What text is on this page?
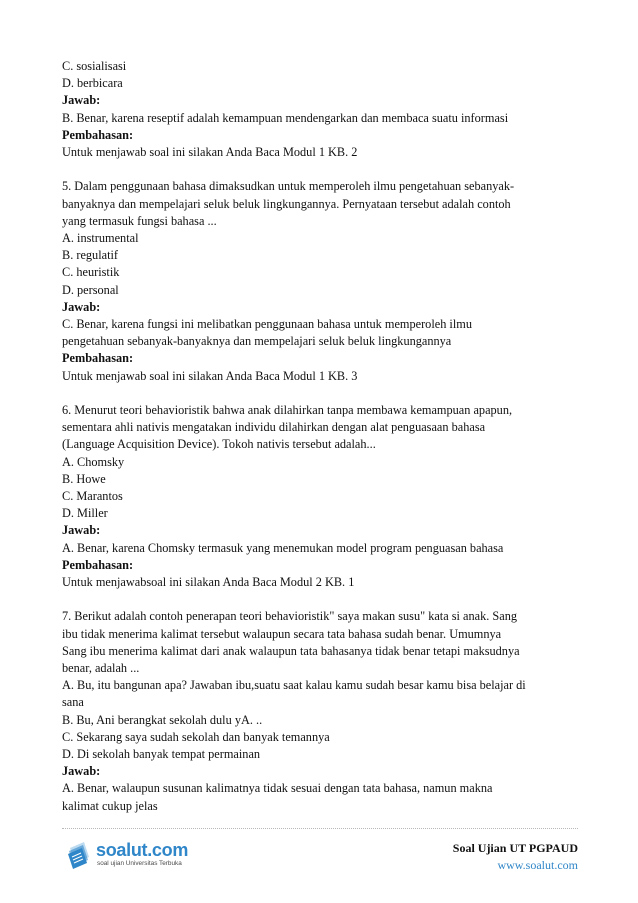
C. sosialisasi
D. berbicara
Jawab:
B. Benar, karena reseptif adalah kemampuan mendengarkan dan membaca suatu informasi
Pembahasan:
Untuk menjawab soal ini silakan Anda Baca Modul 1 KB. 2
5. Dalam penggunaan bahasa dimaksudkan untuk memperoleh ilmu pengetahuan sebanyak-
banyaknya dan mempelajari seluk beluk lingkungannya. Pernyataan tersebut adalah contoh
yang termasuk fungsi bahasa ...
A. instrumental
B. regulatif
C. heuristik
D. personal
Jawab:
C. Benar, karena fungsi ini melibatkan penggunaan bahasa untuk memperoleh ilmu
pengetahuan sebanyak-banyaknya dan mempelajari seluk beluk lingkungannya
Pembahasan:
Untuk menjawab soal ini silakan Anda Baca Modul 1 KB. 3
6. Menurut teori behavioristik bahwa anak dilahirkan tanpa membawa kemampuan apapun,
sementara ahli nativis mengatakan individu dilahirkan dengan alat penguasaan bahasa
(Language Acquisition Device). Tokoh nativis tersebut adalah...
A. Chomsky
B. Howe
C. Marantos
D. Miller
Jawab:
A. Benar, karena Chomsky termasuk yang menemukan model program penguasan bahasa
Pembahasan:
Untuk menjawabsoal ini silakan Anda Baca Modul 2 KB. 1
7. Berikut adalah contoh penerapan teori behavioristik" saya makan susu" kata si anak. Sang
ibu tidak menerima kalimat tersebut walaupun secara tata bahasa sudah benar. Umumnya
Sang ibu menerima kalimat dari anak walaupun tata bahasanya tidak benar tetapi maksudnya
benar, adalah ...
A. Bu, itu bangunan apa? Jawaban ibu,suatu saat kalau kamu sudah besar kamu bisa belajar di
sana
B. Bu, Ani berangkat sekolah dulu yA. ..
C. Sekarang saya sudah sekolah dan banyak temannya
D. Di sekolah banyak tempat permainan
Jawab:
A. Benar, walaupun susunan kalimatnya tidak sesuai dengan tata bahasa, namun makna
kalimat cukup jelas
soalut.com
soal ujian Universitas Terbuka
Soal Ujian UT PGPAUD
www.soalut.com
